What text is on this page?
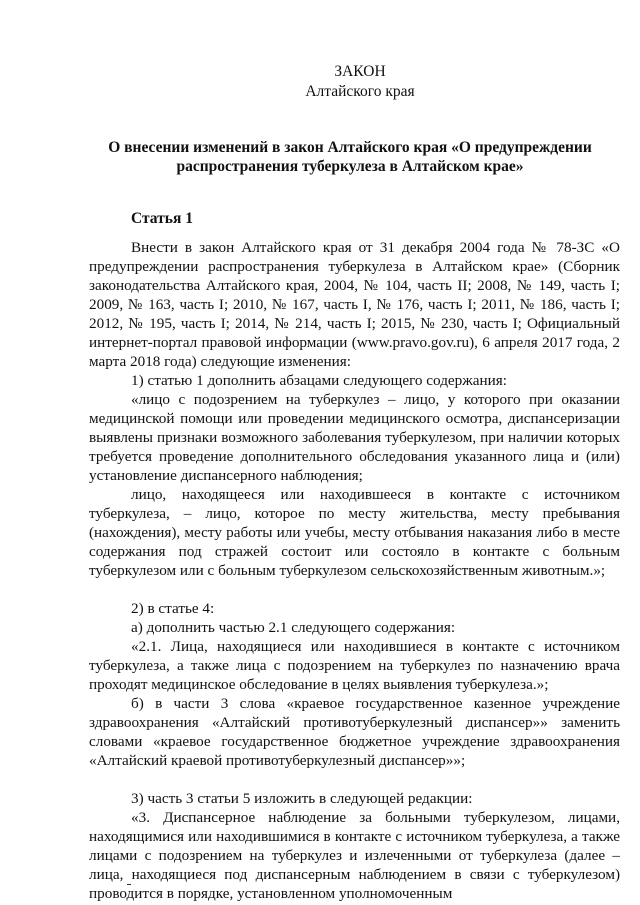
ЗАКОН
Алтайского края
О внесении изменений в закон Алтайского края «О предупреждении
распространения туберкулеза в Алтайском крае»
Статья 1

Внести в закон Алтайского края от 31 декабря 2004 года № 78-ЗС «О предупреждении распространения туберкулеза в Алтайском крае» (Сборник законодательства Алтайского края, 2004, № 104, часть II; 2008, № 149, часть I; 2009, № 163, часть I; 2010, № 167, часть I, № 176, часть I; 2011, № 186, часть I; 2012, № 195, часть I; 2014, № 214, часть I; 2015, № 230, часть I; Официальный интернет-портал правовой информации (www.pravo.gov.ru), 6 апреля 2017 года, 2 марта 2018 года) следующие изменения:

1) статью 1 дополнить абзацами следующего содержания:

«лицо с подозрением на туберкулез – лицо, у которого при оказании медицинской помощи или проведении медицинского осмотра, диспансеризации выявлены признаки возможного заболевания туберкулезом, при наличии которых требуется проведение дополнительного обследования указанного лица и (или) установление диспансерного наблюдения;

лицо, находящееся или находившееся в контакте с источником туберкулеза, – лицо, которое по месту жительства, месту пребывания (нахождения), месту работы или учебы, месту отбывания наказания либо в месте содержания под стражей состоит или состояло в контакте с больным туберкулезом или с больным туберкулезом сельскохозяйственным животным.»;

2) в статье 4:

а) дополнить частью 2.1 следующего содержания:

«2.1. Лица, находящиеся или находившиеся в контакте с источником туберкулеза, а также лица с подозрением на туберкулез по назначению врача проходят медицинское обследование в целях выявления туберкулеза.»;

б) в части 3 слова «краевое государственное казенное учреждение здравоохранения «Алтайский противотуберкулезный диспансер»» заменить словами «краевое государственное бюджетное учреждение здравоохранения «Алтайский краевой противотуберкулезный диспансер»»;

3) часть 3 статьи 5 изложить в следующей редакции:

«3. Диспансерное наблюдение за больными туберкулезом, лицами, находящимися или находившимися в контакте с источником туберкулеза, а также лицами с подозрением на туберкулез и излеченными от туберкулеза (далее – лица, находящиеся под диспансерным наблюдением в связи с туберкулезом) проводится в порядке, установленном уполномоченным
